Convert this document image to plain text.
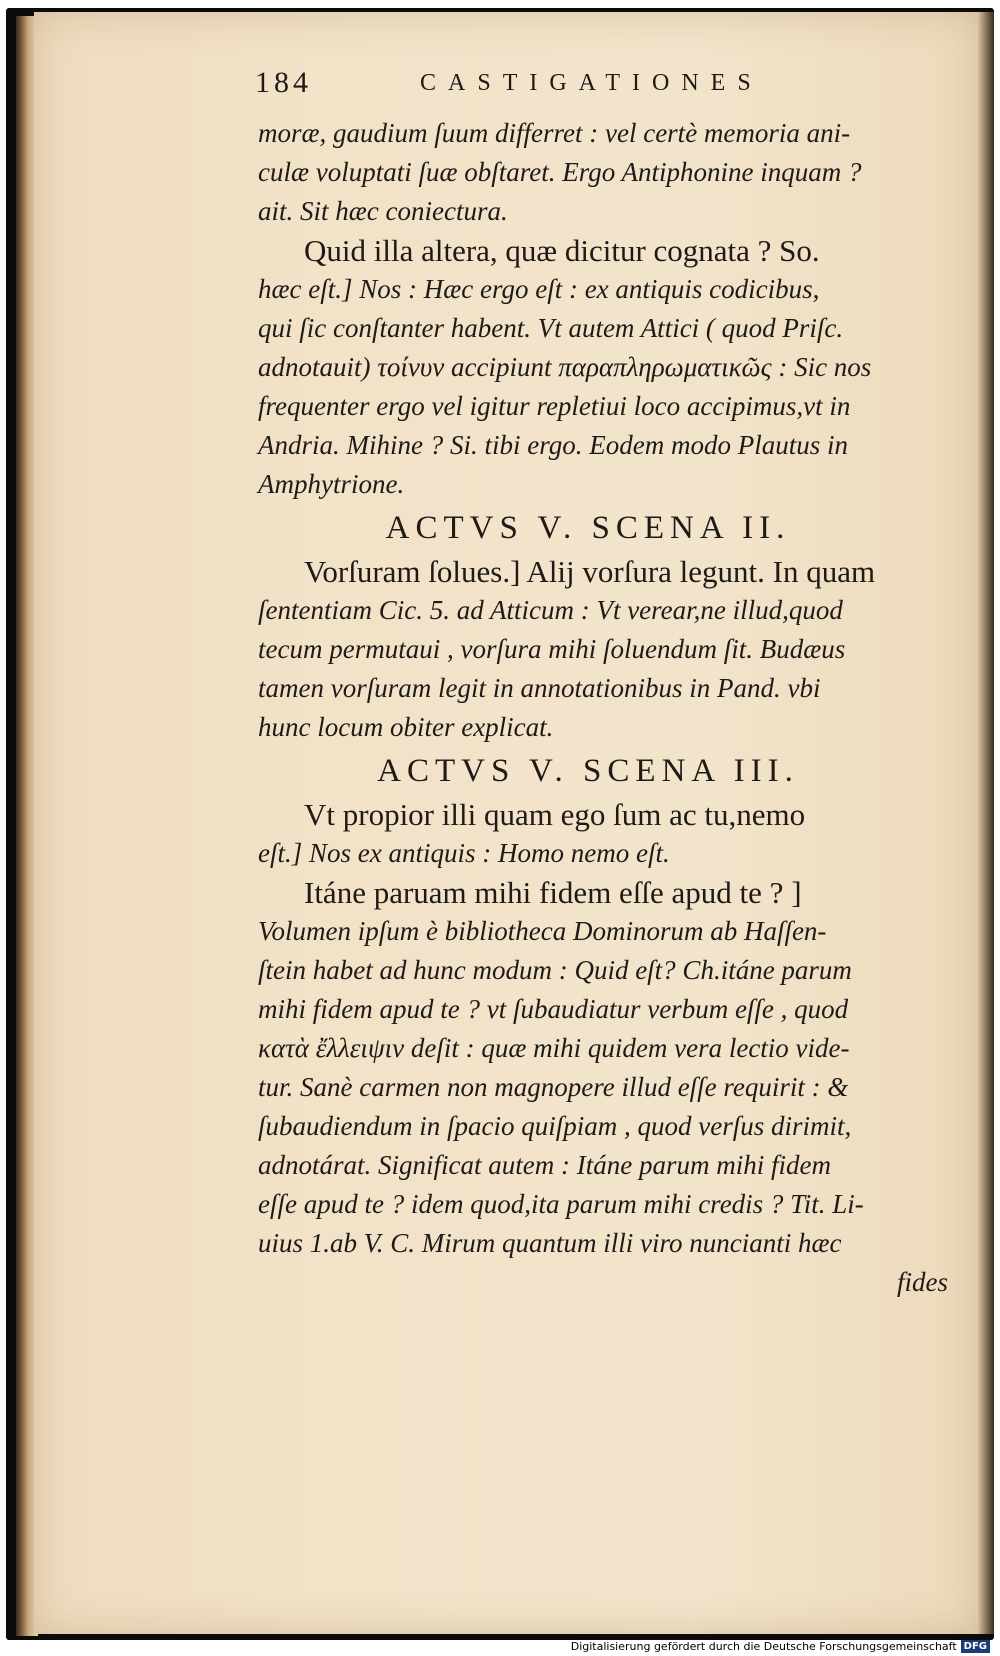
184	CASTIGATIONES
moræ, gaudium ſuum differret : vel certè memoria ani-
culæ voluptati ſuæ obſtaret. Ergo Antiphonine inquam ?
ait. Sit hæc coniectura.
Quid illa altera, quæ dicitur cognata ? So.
hæc eſt.] Nos : Hæc ergo eſt : ex antiquis codicibus,
qui ſic conſtanter habent. Vt autem Attici ( quod Priſc.
adnotauit) τοίνυν accipiunt παραπληρωματικῶς : Sic nos
frequenter ergo vel igitur repletiui loco accipimus,vt in
Andria. Mihine ? Si. tibi ergo. Eodem modo Plautus in
Amphytrione.
ACTVS V. SCENA II.
Vorſuram ſolues.] Alij vorſura legunt. In quam
ſententiam Cic. 5. ad Atticum : Vt verear,ne illud,quod
tecum permutaui , vorſura mihi ſoluendum ſit. Budæus
tamen vorſuram legit in annotationibus in Pand. vbi
hunc locum obiter explicat.
ACTVS V. SCENA III.
Vt propior illi quam ego ſum ac tu,nemo
eſt.] Nos ex antiquis : Homo nemo eſt.
Itáne paruam mihi fidem eſſe apud te ? ]
Volumen ipſum è bibliotheca Dominorum ab Haſſen-
ſtein habet ad hunc modum : Quid eſt? Ch.itáne parum
mihi fidem apud te ? vt ſubaudiatur verbum eſſe , quod
κατὰ ἔλλειψιν deſit : quæ mihi quidem vera lectio vide-
tur. Sanè carmen non magnopere illud eſſe requirit : &
ſubaudiendum in ſpacio quiſpiam , quod verſus dirimit,
adnotárat. Significat autem : Itáne parum mihi fidem
eſſe apud te ? idem quod,ita parum mihi credis ? Tit. Li-
uius 1.ab V. C. Mirum quantum illi viro nuncianti hæc
fides
Digitalisierung gefördert durch die Deutsche Forschungsgemeinschaft DFG
